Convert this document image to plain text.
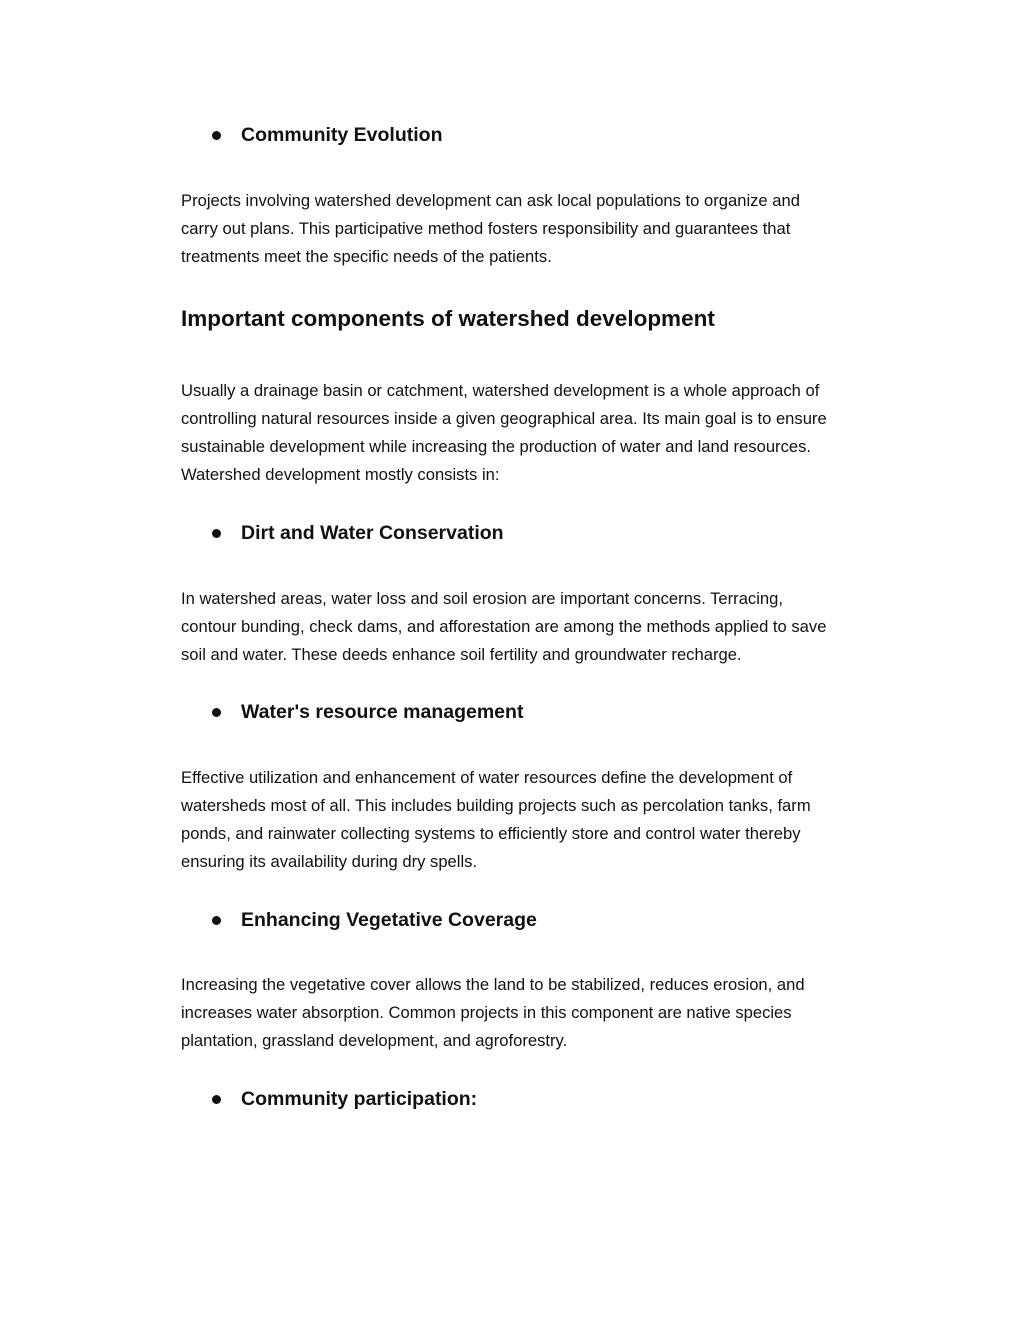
Community Evolution

Projects involving watershed development can ask local populations to organize and
carry out plans. This participative method fosters responsibility and guarantees that
treatments meet the specific needs of the patients.

Important components of watershed development

Usually a drainage basin or catchment, watershed development is a whole approach of
controlling natural resources inside a given geographical area. Its main goal is to ensure
sustainable development while increasing the production of water and land resources.
Watershed development mostly consists in:

Dirt and Water Conservation

In watershed areas, water loss and soil erosion are important concerns. Terracing,
contour bunding, check dams, and afforestation are among the methods applied to save
soil and water. These deeds enhance soil fertility and groundwater recharge.

Water's resource management

Effective utilization and enhancement of water resources define the development of
watersheds most of all. This includes building projects such as percolation tanks, farm
ponds, and rainwater collecting systems to efficiently store and control water thereby
ensuring its availability during dry spells.

Enhancing Vegetative Coverage

Increasing the vegetative cover allows the land to be stabilized, reduces erosion, and
increases water absorption. Common projects in this component are native species
plantation, grassland development, and agroforestry.

Community participation:
